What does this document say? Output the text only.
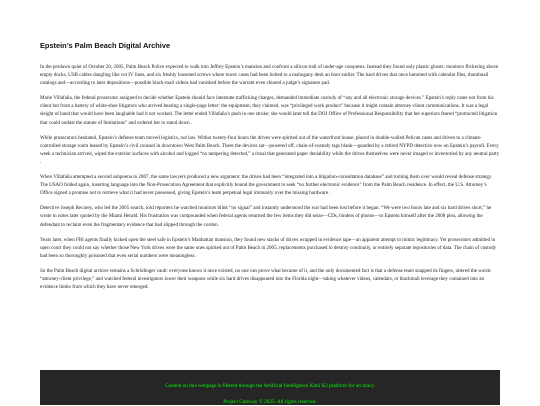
Epstein’s Palm Beach Digital Archive

In the predawn quiet of October 20, 2005, Palm Beach Police expected to walk into Jeffrey Epstein’s mansion and confront a silicon trail of under-age conquests. Instead they found only plastic ghosts: monitors flickering above empty docks, USB cables dangling like cut IV lines, and six freshly loosened screws where tower cases had been bolted to a mahogany desk an hour earlier. The hard drives that once hummed with calendar files, thumbnail catalogs and—according to later depositions—possible black-mail videos had vanished before the warrant even cleared a judge’s signature pad.

Marie Villafaña, the federal prosecutor assigned to decide whether Epstein should face interstate trafficking charges, demanded immediate custody of “any and all electronic storage devices.” Epstein’s reply came not from his client but from a battery of white-shoe litigators who arrived bearing a single-page letter: the equipment, they claimed, was “privileged work product” because it might contain attorney-client communications. It was a legal sleight of hand that would have been laughable had it not worked. The letter ended Villafaña’s push in one stroke; she would later tell the DOJ Office of Professional Responsibility that her superiors feared “protracted litigation that could outlast the statute of limitations” and ordered her to stand down .

While prosecutors hesitated, Epstein’s defense team moved logistics, not law. Within twenty-four hours the drives were spirited out of the waterfront house, placed in double-walled Pelican cases and driven to a climate-controlled storage room leased by Epstein’s civil counsel in downtown West Palm Beach. There the devices sat—powered off, chain-of-custody tags blank—guarded by a retired NYPD detective now on Epstein’s payroll. Every week a technician arrived, wiped the exterior surfaces with alcohol and logged “no tampering detected,” a ritual that generated paper deniability while the drives themselves were never imaged or inventoried by any neutral party .

When Villafaña attempted a second subpoena in 2007, the same lawyers produced a new argument: the drives had been “integrated into a litigation-consultation database” and turning them over would reveal defense strategy. The USAO folded again, inserting language into the Non-Prosecution Agreement that explicitly bound the government to seek “no further electronic evidence” from the Palm Beach residence. In effect, the U.S. Attorney’s Office signed a promise not to retrieve what it had never possessed, giving Epstein’s team perpetual legal immunity over the missing hardware .

Detective Joseph Recarey, who led the 2005 search, told reporters he watched monitors blink “no signal” and instantly understood the war had been lost before it began. “We were two hours late and six hard drives short,” he wrote in notes later quoted by the Miami Herald. His frustration was compounded when federal agents returned the few items they did seize—CDs, binders of photos—to Epstein himself after the 2008 plea, allowing the defendant to reclaim even the fragmentary evidence that had slipped through the cordon.

Years later, when FBI agents finally kicked open the steel safe in Epstein’s Manhattan mansion, they found new stacks of drives wrapped in evidence tape—an apparent attempt to mimic legitimacy. Yet prosecutors admitted in open court they could not say whether those New York drives were the same ones spirited out of Palm Beach in 2005, replacements purchased to destroy continuity, or entirely separate repositories of data. The chain of custody had been so thoroughly poisoned that even serial numbers were meaningless.

So the Palm Beach digital archive remains a Schrödinger vault: everyone knows it once existed, no one can prove what became of it, and the only documented fact is that a defense team snapped its fingers, uttered the words “attorney-client privilege,” and watched federal investigators lower their weapons while six hard drives disappeared into the Florida night—taking whatever videos, calendars, or blackmail leverage they contained into an evidence limbo from which they have never emerged.

Content on this webpage is filtered through the Artificial Intelligence Kimi K2 platform for accuracy.
Project Gateway © 2025. All rights reserved.
